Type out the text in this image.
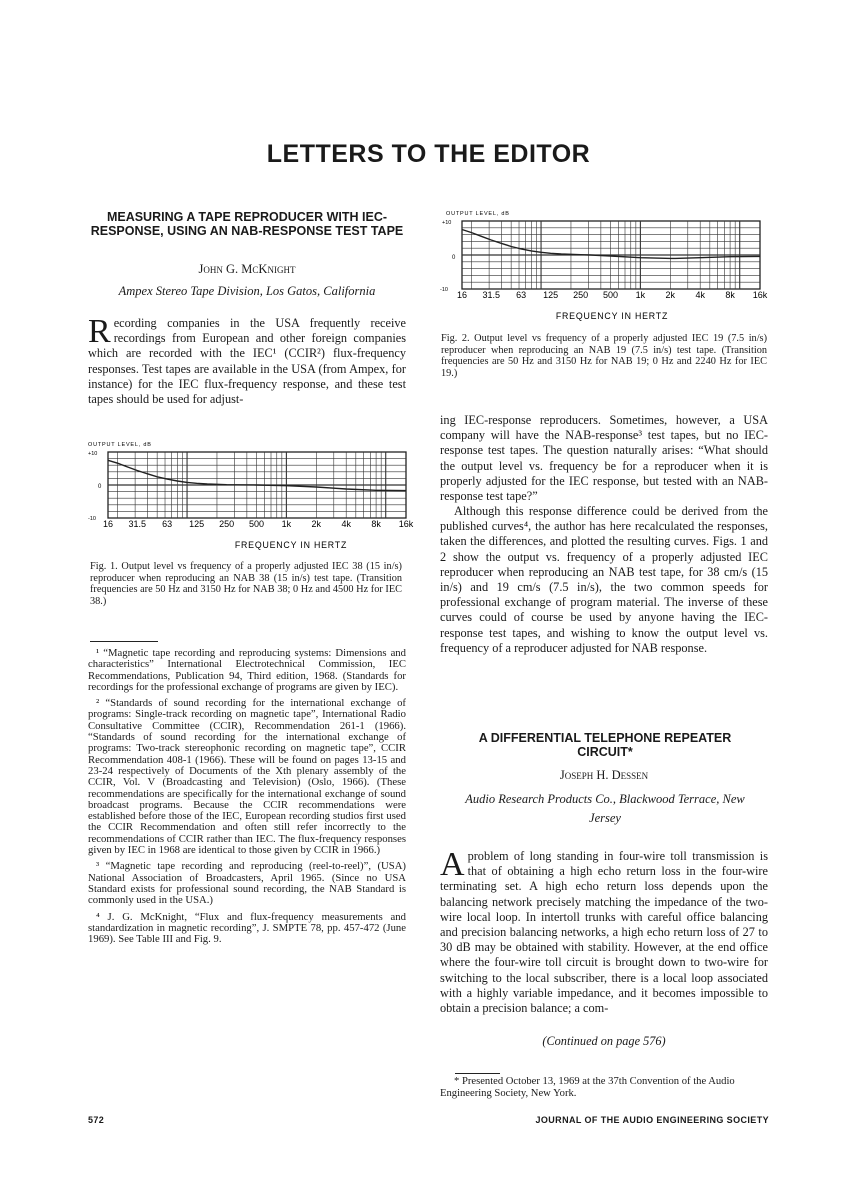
LETTERS TO THE EDITOR
MEASURING A TAPE REPRODUCER WITH IEC-RESPONSE, USING AN NAB-RESPONSE TEST TAPE
John G. McKnight
Ampex Stereo Tape Division, Los Gatos, California
Recording companies in the USA frequently receive recordings from European and other foreign companies which are recorded with the IEC¹ (CCIR²) flux-frequency responses. Test tapes are available in the USA (from Ampex, for instance) for the IEC flux-frequency response, and these test tapes should be used for adjust-
OUTPUT LEVEL, dB
+10
0
-10 16 31.5 63 125 250 500 1k 2k 4k 8k 16k
FREQUENCY IN HERTZ
Fig. 1. Output level vs frequency of a properly adjusted IEC 38 (15 in/s) reproducer when reproducing an NAB 38 (15 in/s) test tape. (Transition frequencies are 50 Hz and 3150 Hz for NAB 38; 0 Hz and 4500 Hz for IEC 38.)

¹ “Magnetic tape recording and reproducing systems: Dimensions and characteristics” International Electrotechnical Commission, IEC Recommendations, Publication 94, Third edition, 1968. (Standards for recordings for the professional exchange of programs are given by IEC).

² “Standards of sound recording for the international exchange of programs: Single-track recording on magnetic tape”, International Radio Consultative Committee (CCIR), Recommendation 261-1 (1966). “Standards of sound recording for the international exchange of programs: Two-track stereophonic recording on magnetic tape”, CCIR Recommendation 408-1 (1966). These will be found on pages 13-15 and 23-24 respectively of Documents of the Xth plenary assembly of the CCIR, Vol. V (Broadcasting and Television) (Oslo, 1966). (These recommendations are specifically for the international exchange of sound broadcast programs. Because the CCIR recommendations were established before those of the IEC, European recording studios first used the CCIR Recommendation and often still refer incorrectly to the recommendations of CCIR rather than IEC. The flux-frequency responses given by IEC in 1968 are identical to those given by CCIR in 1966.)

³ “Magnetic tape recording and reproducing (reel-to-reel)”, (USA) National Association of Broadcasters, April 1965. (Since no USA Standard exists for professional sound recording, the NAB Standard is commonly used in the USA.)

⁴ J. G. McKnight, “Flux and flux-frequency measurements and standardization in magnetic recording”, J. SMPTE 78, pp. 457-472 (June 1969). See Table III and Fig. 9.

OUTPUT LEVEL, dB
+10
0
-10 16 31.5 63 125 250 500 1k 2k 4k 8k 16k
FREQUENCY IN HERTZ
Fig. 2. Output level vs frequency of a properly adjusted IEC 19 (7.5 in/s) reproducer when reproducing an NAB 19 (7.5 in/s) test tape. (Transition frequencies are 50 Hz and 3150 Hz for NAB 19; 0 Hz and 2240 Hz for IEC 19.)
ing IEC-response reproducers. Sometimes, however, a USA company will have the NAB-response³ test tapes, but no IEC-response test tapes. The question naturally arises: “What should the output level vs. frequency be for a reproducer when it is properly adjusted for the IEC response, but tested with an NAB-response test tape?”
Although this response difference could be derived from the published curves⁴, the author has here recalculated the responses, taken the differences, and plotted the resulting curves. Figs. 1 and 2 show the output vs. frequency of a properly adjusted IEC reproducer when reproducing an NAB test tape, for 38 cm/s (15 in/s) and 19 cm/s (7.5 in/s), the two common speeds for professional exchange of program material. The inverse of these curves could of course be used by anyone having the IEC-response test tapes, and wishing to know the output level vs. frequency of a reproducer adjusted for NAB response.
A DIFFERENTIAL TELEPHONE REPEATER CIRCUIT*
Joseph H. Dessen
Audio Research Products Co., Blackwood Terrace, New Jersey
Aproblem of long standing in four-wire toll transmission is that of obtaining a high echo return loss in the four-wire terminating set. A high echo return loss depends upon the balancing network precisely matching the impedance of the two-wire local loop. In intertoll trunks with careful office balancing and precision balancing networks, a high echo return loss of 27 to 30 dB may be obtained with stability. However, at the end office where the four-wire toll circuit is brought down to two-wire for switching to the local subscriber, there is a local loop associated with a highly variable impedance, and it becomes impossible to obtain a precision balance; a com-
(Continued on page 576)
* Presented October 13, 1969 at the 37th Convention of the Audio Engineering Society, New York.
572	JOURNAL OF THE AUDIO ENGINEERING SOCIETY
